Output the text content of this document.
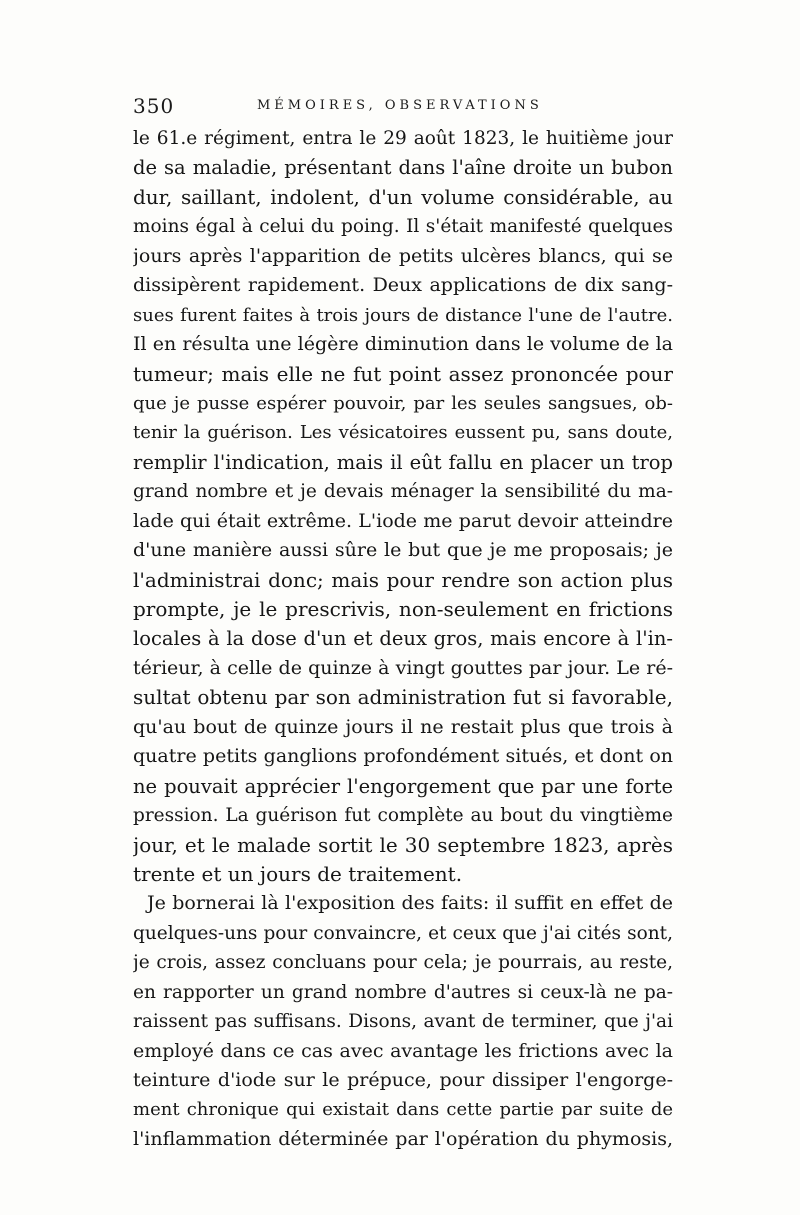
350	MÉMOIRES, OBSERVATIONS
le 61.e régiment, entra le 29 août 1823, le huitième jour
de sa maladie, présentant dans l'aîne droite un bubon
dur, saillant, indolent, d'un volume considérable, au
moins égal à celui du poing. Il s'était manifesté quelques
jours après l'apparition de petits ulcères blancs, qui se
dissipèrent rapidement. Deux applications de dix sang-
sues furent faites à trois jours de distance l'une de l'autre.
Il en résulta une légère diminution dans le volume de la
tumeur; mais elle ne fut point assez prononcée pour
que je pusse espérer pouvoir, par les seules sangsues, ob-
tenir la guérison. Les vésicatoires eussent pu, sans doute,
remplir l'indication, mais il eût fallu en placer un trop
grand nombre et je devais ménager la sensibilité du ma-
lade qui était extrême. L'iode me parut devoir atteindre
d'une manière aussi sûre le but que je me proposais; je
l'administrai donc; mais pour rendre son action plus
prompte, je le prescrivis, non-seulement en frictions
locales à la dose d'un et deux gros, mais encore à l'in-
térieur, à celle de quinze à vingt gouttes par jour. Le ré-
sultat obtenu par son administration fut si favorable,
qu'au bout de quinze jours il ne restait plus que trois à
quatre petits ganglions profondément situés, et dont on
ne pouvait apprécier l'engorgement que par une forte
pression. La guérison fut complète au bout du vingtième
jour, et le malade sortit le 30 septembre 1823, après
trente et un jours de traitement.
Je bornerai là l'exposition des faits: il suffit en effet de
quelques-uns pour convaincre, et ceux que j'ai cités sont,
je crois, assez concluans pour cela; je pourrais, au reste,
en rapporter un grand nombre d'autres si ceux-là ne pa-
raissent pas suffisans. Disons, avant de terminer, que j'ai
employé dans ce cas avec avantage les frictions avec la
teinture d'iode sur le prépuce, pour dissiper l'engorge-
ment chronique qui existait dans cette partie par suite de
l'inflammation déterminée par l'opération du phymosis,
